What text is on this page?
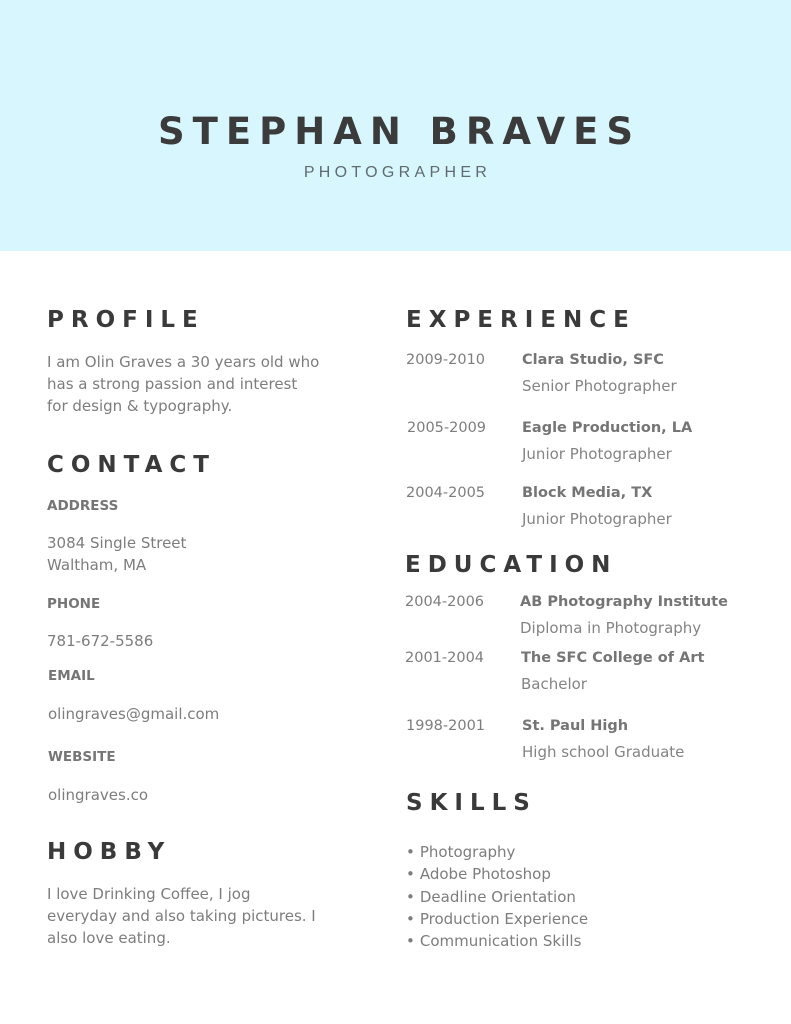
STEPHAN BRAVES
PHOTOGRAPHER
PROFILE
I am Olin Graves a 30 years old who
has a strong passion and interest
for design & typography.
CONTACT
ADDRESS
3084 Single Street
Waltham, MA
PHONE
781-672-5586
EMAIL
olingraves@gmail.com
WEBSITE
olingraves.co
HOBBY
I love Drinking Coffee, I jog
everyday and also taking pictures. I
also love eating.
EXPERIENCE
2009-2010	Clara Studio, SFC
Senior Photographer
2005-2009 Eagle Production, LA
Junior Photographer
2004-2005	Block Media, TX
Junior Photographer
EDUCATION
2004-2006 AB Photography Institute
Diploma in Photography
2001-2004	The SFC College of Art
Bachelor
1998-2001	St. Paul High
High school Graduate
SKILLS
• Photography
• Adobe Photoshop
• Deadline Orientation
• Production Experience
• Communication Skills
